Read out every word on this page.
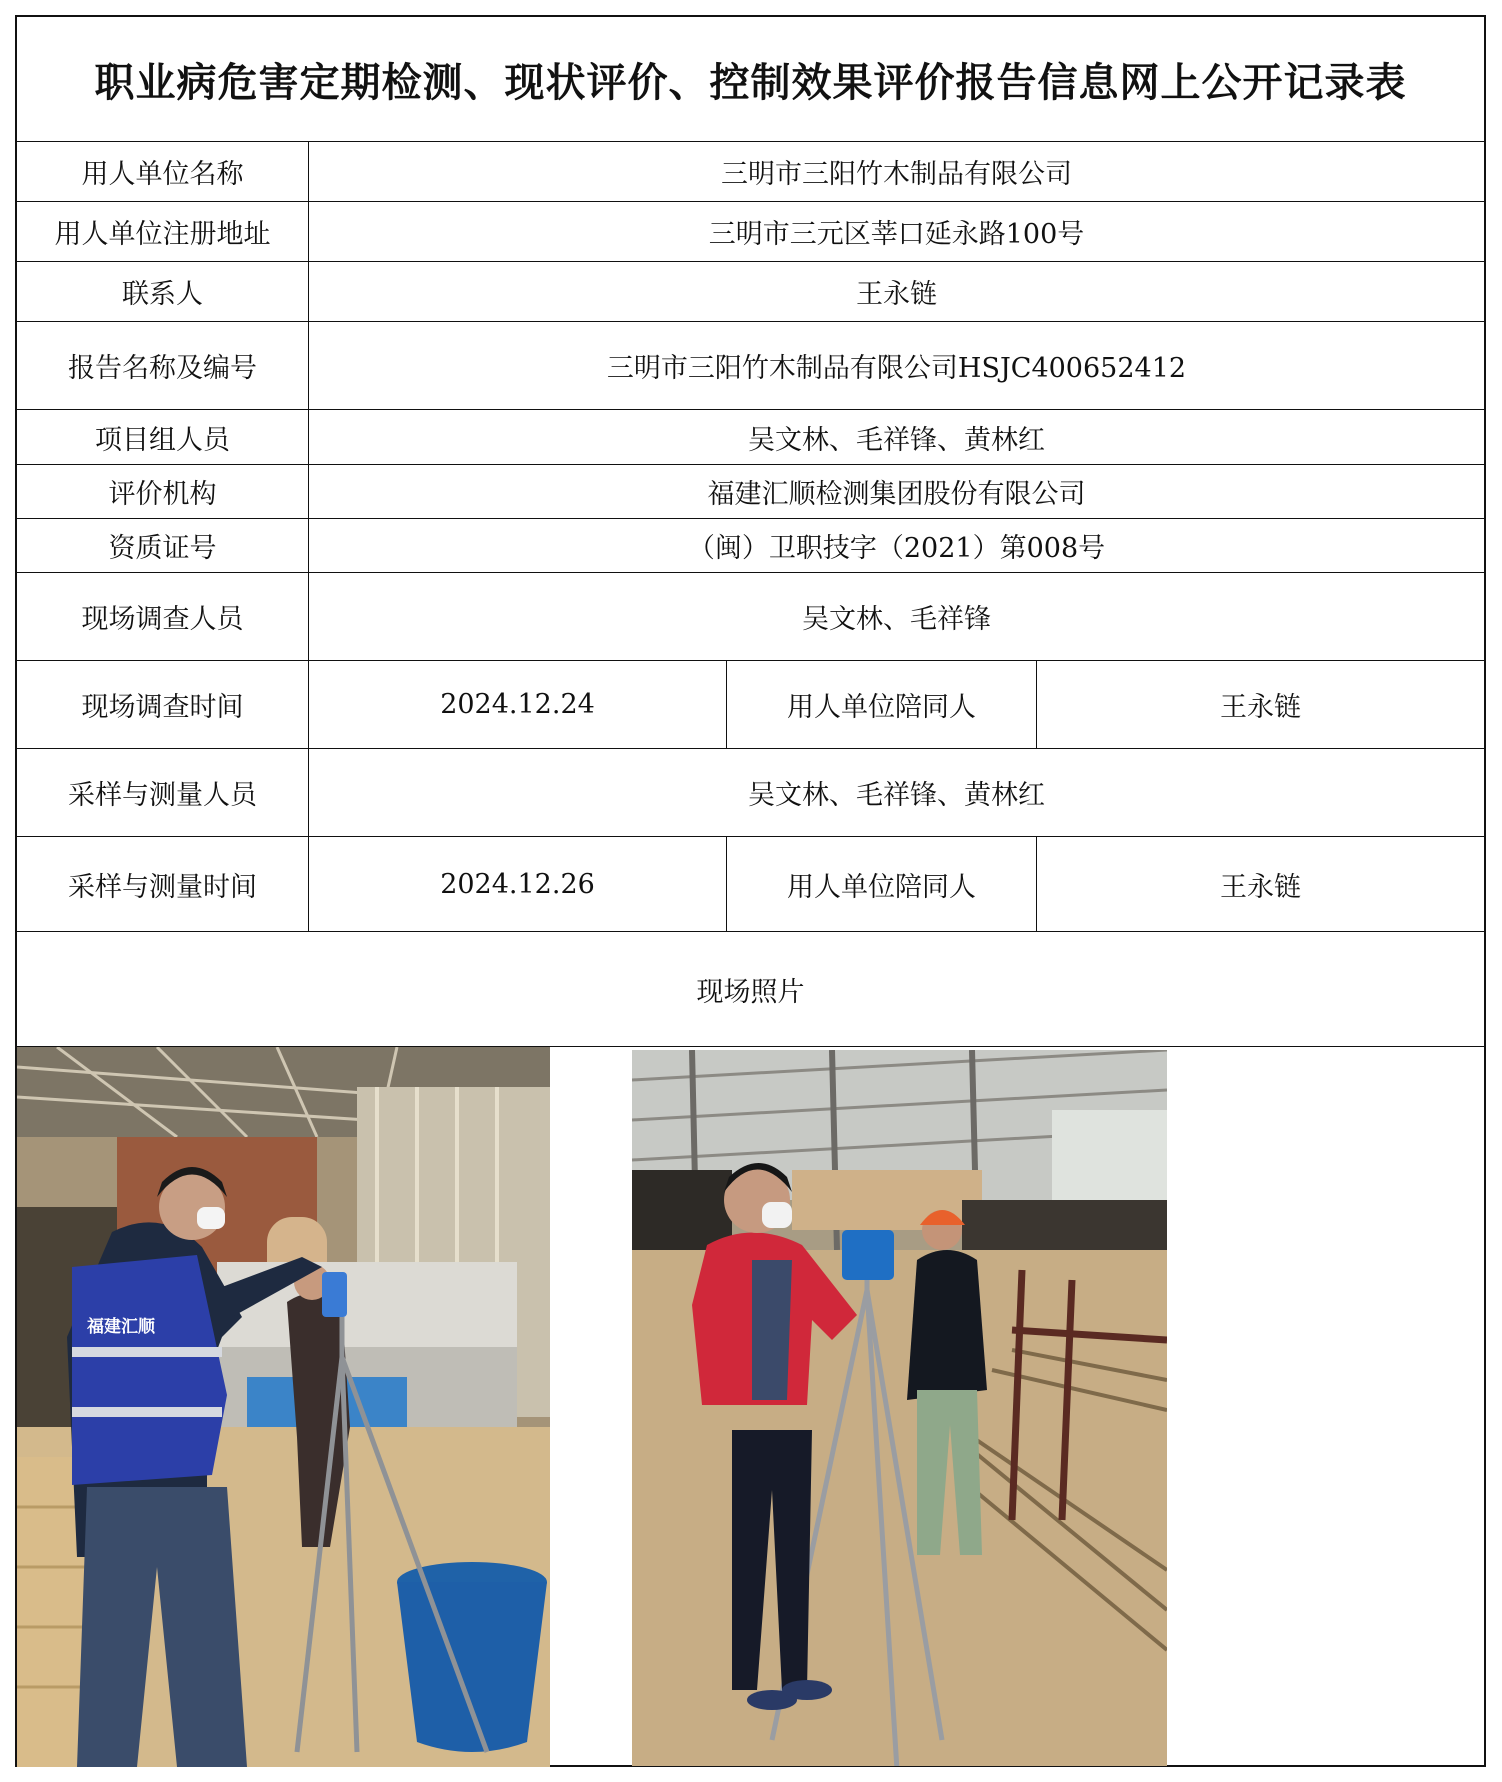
职业病危害定期检测、现状评价、控制效果评价报告信息网上公开记录表
用人单位名称	三明市三阳竹木制品有限公司
用人单位注册地址	三明市三元区莘口延永路100号
联系人	王永链
报告名称及编号	三明市三阳竹木制品有限公司HSJC400652412
项目组人员	吴文林、毛祥锋、黄林红
评价机构	福建汇顺检测集团股份有限公司
资质证号	（闽）卫职技字（2021）第008号
现场调查人员	吴文林、毛祥锋
现场调查时间	2024.12.24	用人单位陪同人	王永链
采样与测量人员	吴文林、毛祥锋、黄林红
采样与测量时间	2024.12.26	用人单位陪同人	王永链
现场照片
福建汇顺
